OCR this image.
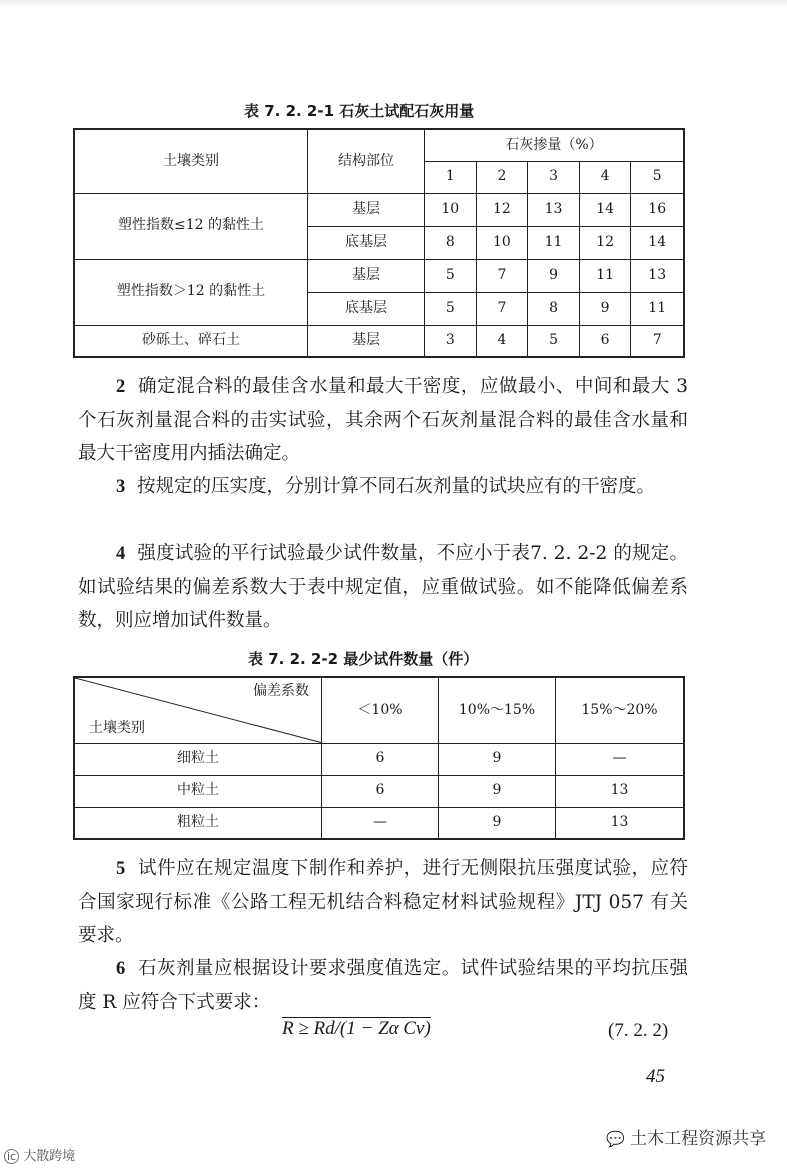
表 7. 2. 2-1 石灰土试配石灰用量
土壤类别	结构部位	石灰掺量（%）				
		1	2	3	4	5
塑性指数≤12 的黏性土	基层	10	12	13	14	16
	底基层	8	10	11	12	14
塑性指数＞12 的黏性土	基层	5	7	9	11	13
	底基层	5	7	8	9	11
砂砾土、碎石土	基层	3	4	5	6	7
2 确定混合料的最佳含水量和最大干密度，应做最小、中间和最大 3 个石灰剂量混合料的击实试验，其余两个石灰剂量混合料的最佳含水量和最大干密度用内插法确定。
3 按规定的压实度，分别计算不同石灰剂量的试块应有的干密度。
4 强度试验的平行试验最少试件数量，不应小于表7. 2. 2-2 的规定。如试验结果的偏差系数大于表中规定值，应重做试验。如不能降低偏差系数，则应增加试件数量。
表 7. 2. 2-2 最少试件数量（件）
偏差系数
土壤类别	＜10%	10%～15%	15%～20%
细粒土	6	9	—
中粒土	6	9	13
粗粒土	—	9	13
5 试件应在规定温度下制作和养护，进行无侧限抗压强度试验，应符合国家现行标准《公路工程无机结合料稳定材料试验规程》JTJ 057 有关要求。
6 石灰剂量应根据设计要求强度值选定。试件试验结果的平均抗压强度 R 应符合下式要求：
R ≥ Rd/(1 − Zα Cv)	(7. 2. 2)
45
ic 大散跨境
💬 土木工程资源共享
